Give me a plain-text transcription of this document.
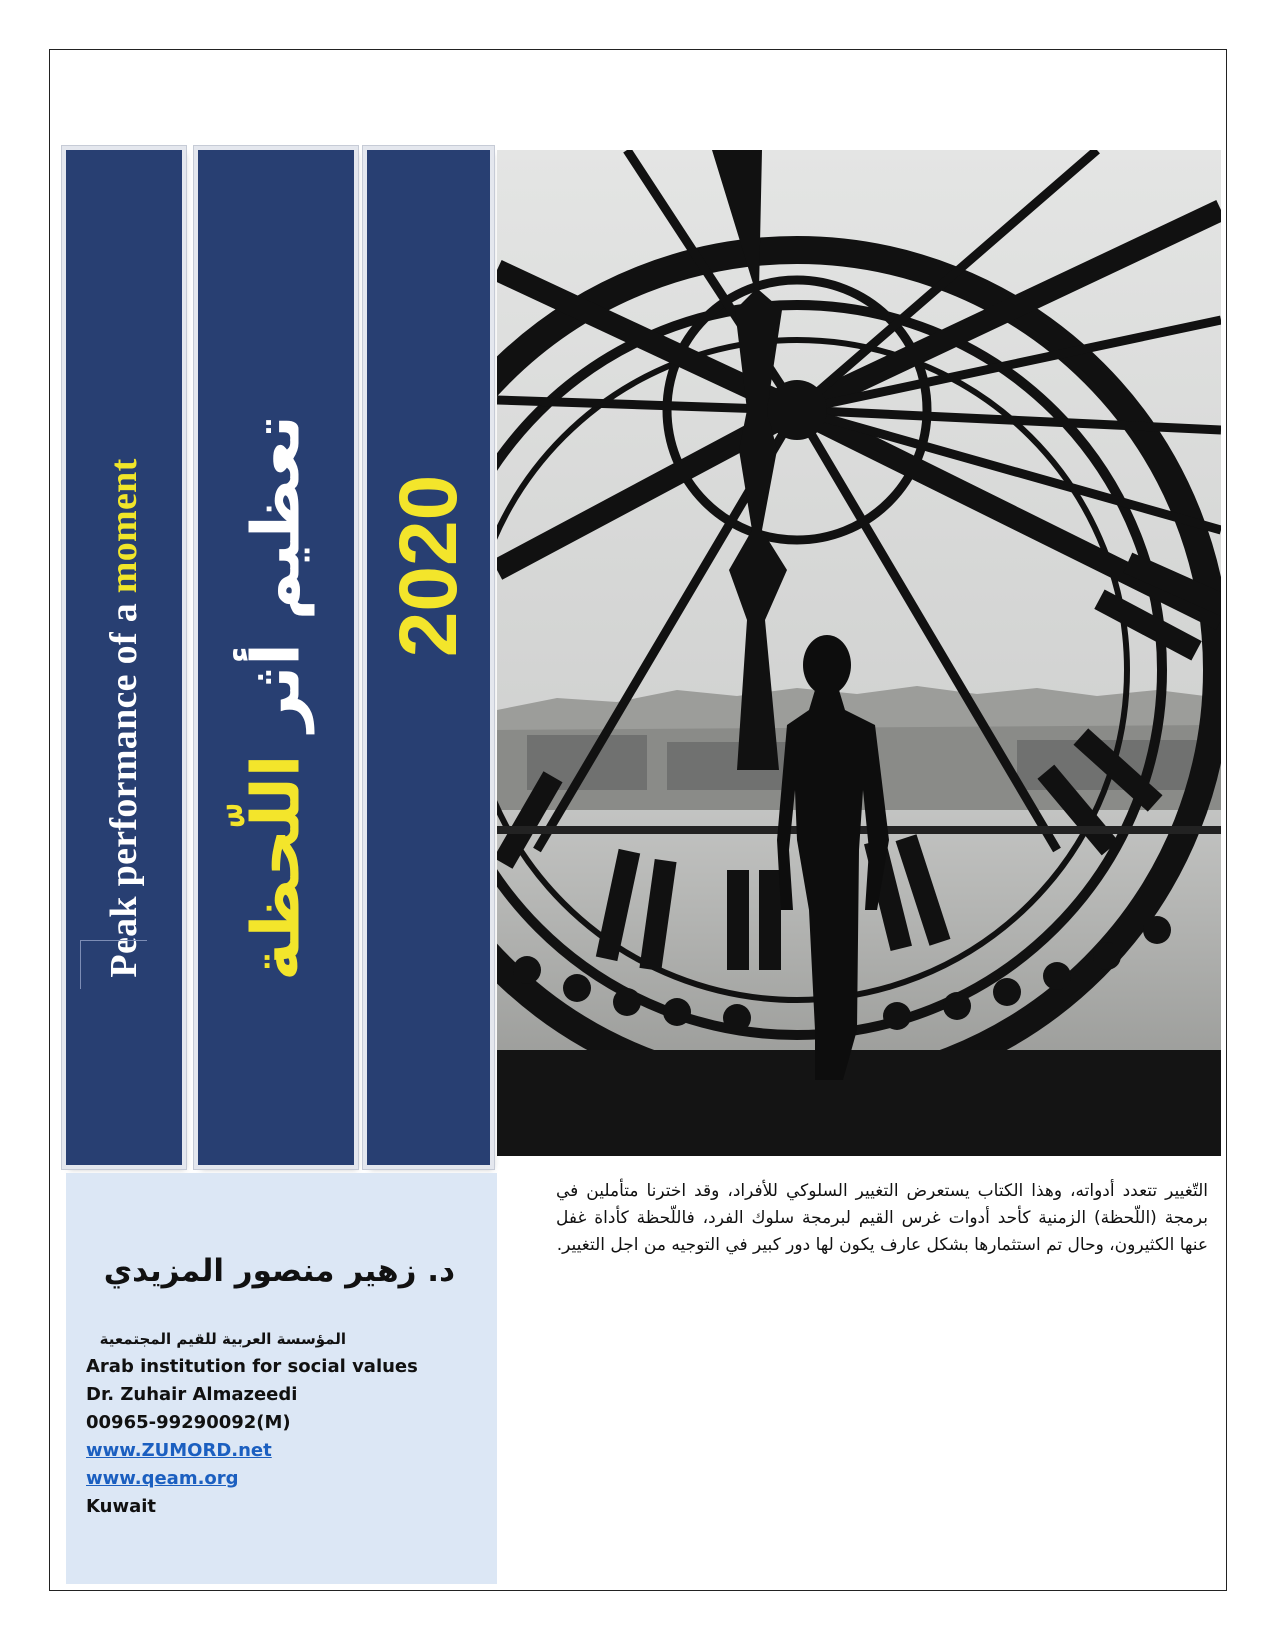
Peak performance of a moment تعظيم أثر اللّحظة
2020
د. زهير منصور المزيدي
المؤسسة العربية للقيم المجتمعية
Arab institution for social values
Dr. Zuhair Almazeedi
00965-99290092(M)
www.ZUMORD.net
www.qeam.org
Kuwait
التّغيير تتعدد أدواته، وهذا الكتاب يستعرض التغيير السلوكي للأفراد، وقد اخترنا متأملين في برمجة (اللّحظة) الزمنية كأحد أدوات غرس القيم لبرمجة سلوك الفرد، فاللّحظة كأداة غفل عنها الكثيرون، وحال تم استثمارها بشكل عارف يكون لها دور كبير في التوجيه من اجل التغيير.
